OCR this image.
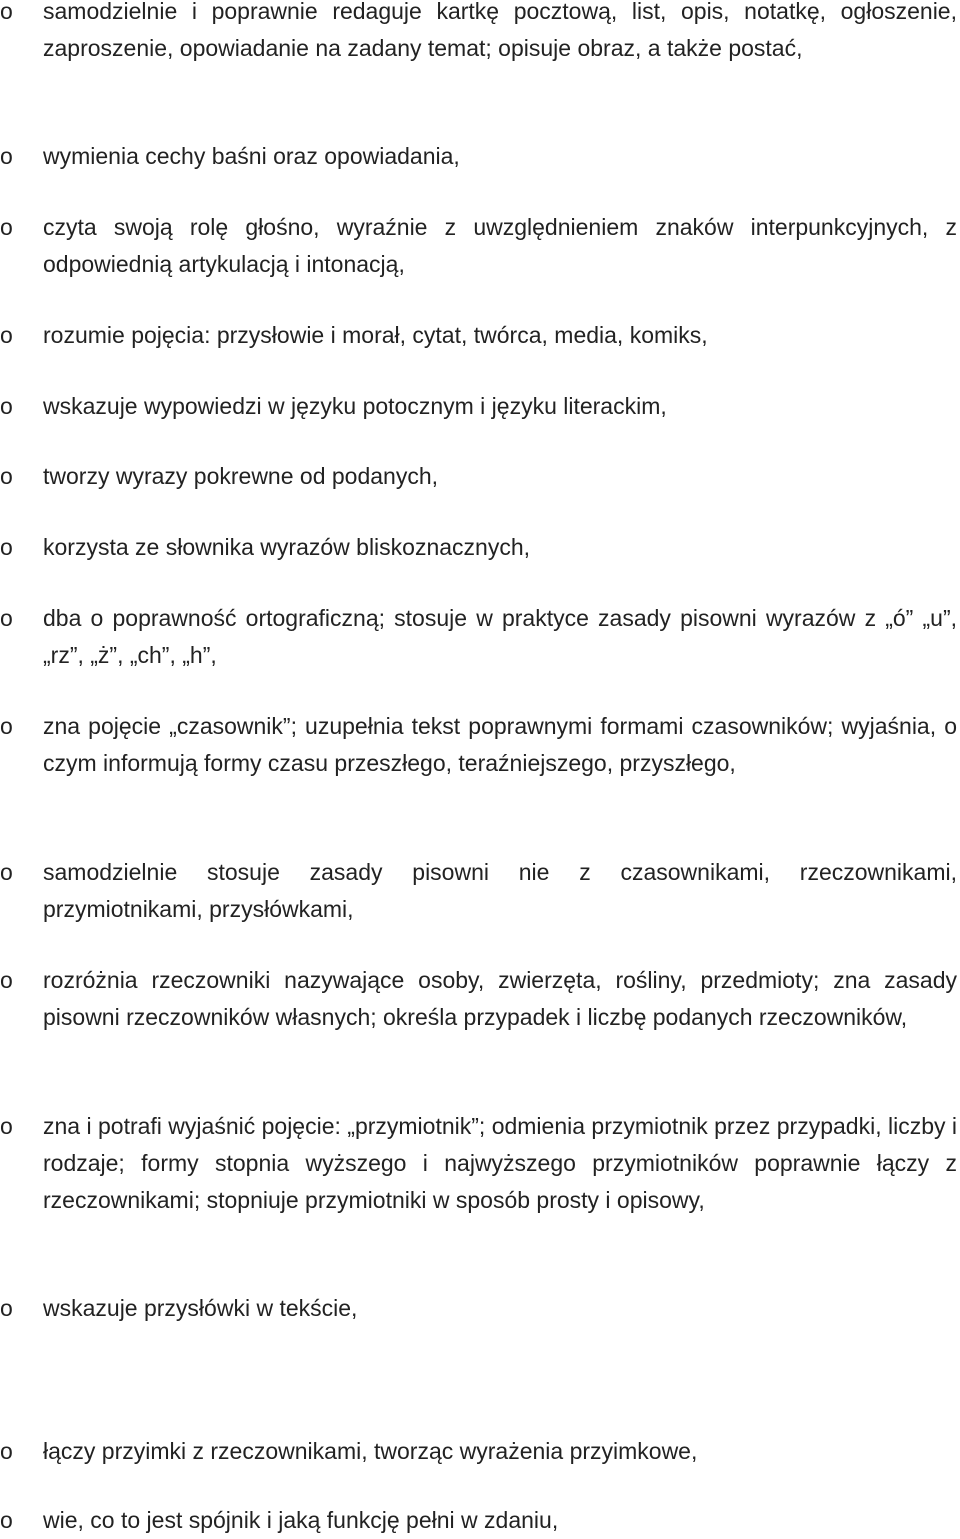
o	samodzielnie i poprawnie redaguje kartkę pocztową, list, opis, notatkę, ogłoszenie, zaproszenie, opowiadanie na zadany temat; opisuje obraz, a także postać,
o	wymienia cechy baśni oraz opowiadania,
o	czyta swoją rolę głośno, wyraźnie z uwzględnieniem znaków interpunkcyjnych, z odpowiednią artykulacją i intonacją,
o	rozumie pojęcia: przysłowie i morał, cytat, twórca, media, komiks,
o	wskazuje wypowiedzi w języku potocznym i języku literackim,
o	tworzy wyrazy pokrewne od podanych,
o	korzysta ze słownika wyrazów bliskoznacznych,
o	dba o poprawność ortograficzną; stosuje w praktyce zasady pisowni wyrazów z „ó” „u”, „rz”, „ż”, „ch”, „h”,
o	zna pojęcie „czasownik”; uzupełnia tekst poprawnymi formami czasowników; wyjaśnia, o czym informują formy czasu przeszłego, teraźniejszego, przyszłego,
o	samodzielnie stosuje zasady pisowni nie z czasownikami, rzeczownikami, przymiotnikami, przysłówkami,
o	rozróżnia rzeczowniki nazywające osoby, zwierzęta, rośliny, przedmioty; zna zasady pisowni rzeczowników własnych; określa przypadek i liczbę podanych rzeczowników,
o	zna i potrafi wyjaśnić pojęcie: „przymiotnik”; odmienia przymiotnik przez przypadki, liczby i rodzaje; formy stopnia wyższego i najwyższego przymiotników poprawnie łączy z rzeczownikami; stopniuje przymiotniki w sposób prosty i opisowy,
o	wskazuje przysłówki w tekście,
o	łączy przyimki z rzeczownikami, tworząc wyrażenia przyimkowe,
o	wie, co to jest spójnik i jaką funkcję pełni w zdaniu,
